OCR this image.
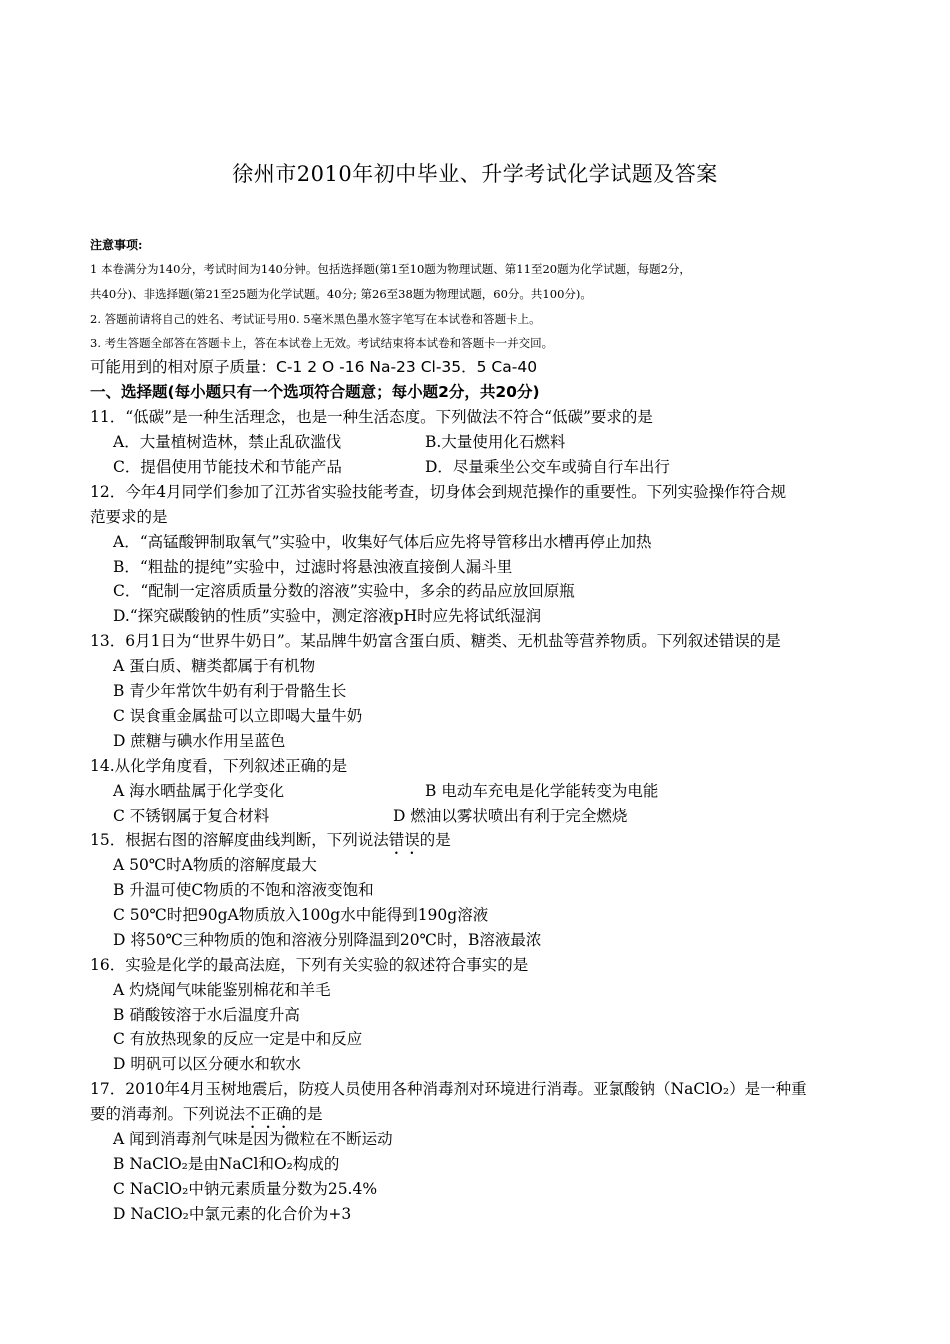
徐州市2010年初中毕业、升学考试化学试题及答案
注意事项:
1 本卷满分为140分，考试时间为140分钟。包括选择题(第1至10题为物理试题、第11至20题为化学试题，每题2分，
共40分)、非选择题(第21至25题为化学试题。40分; 第26至38题为物理试题，60分。共100分)。
2. 答题前请将自己的姓名、考试证号用0. 5毫米黑色墨水签字笔写在本试卷和答题卡上。
3. 考生答题全部答在答题卡上，答在本试卷上无效。考试结束将本试卷和答题卡一并交回。
可能用到的相对原子质量：C-1 2 O -16 Na-23 Cl-35．5 Ca-40
一、选择题(每小题只有一个选项符合题意；每小题2分，共20分)
11．“低碳”是一种生活理念，也是一种生活态度。下列做法不符合“低碳”要求的是
A．大量植树造林，禁止乱砍滥伐	B.大量使用化石燃料
C．提倡使用节能技术和节能产品	D．尽量乘坐公交车或骑自行车出行
12．今年4月同学们参加了江苏省实验技能考查，切身体会到规范操作的重要性。下列实验操作符合规
范要求的是
A．“高锰酸钾制取氧气”实验中，收集好气体后应先将导管移出水槽再停止加热
B．“粗盐的提纯”实验中，过滤时将悬浊液直接倒人漏斗里
C．“配制一定溶质质量分数的溶液”实验中，多余的药品应放回原瓶
D.“探究碳酸钠的性质”实验中，测定溶液pH时应先将试纸湿润
13．6月1日为“世界牛奶日”。某品牌牛奶富含蛋白质、糖类、无机盐等营养物质。下列叙述错误的是
A 蛋白质、糖类都属于有机物
B 青少年常饮牛奶有利于骨骼生长
C 误食重金属盐可以立即喝大量牛奶
D 蔗糖与碘水作用呈蓝色
14.从化学角度看，下列叙述正确的是
A 海水晒盐属于化学变化	B 电动车充电是化学能转变为电能
C 不锈钢属于复合材料	D 燃油以雾状喷出有利于完全燃烧
15．根据右图的溶解度曲线判断，下列说法错误的是
A 50℃时A物质的溶解度最大
B 升温可使C物质的不饱和溶液变饱和
C 50℃时把90gA物质放入100g水中能得到190g溶液
D 将50℃三种物质的饱和溶液分别降温到20℃时，B溶液最浓
16．实验是化学的最高法庭，下列有关实验的叙述符合事实的是
A 灼烧闻气味能鉴别棉花和羊毛
B 硝酸铵溶于水后温度升高
C 有放热现象的反应一定是中和反应
D 明矾可以区分硬水和软水
17．2010年4月玉树地震后，防疫人员使用各种消毒剂对环境进行消毒。亚氯酸钠（NaClO₂）是一种重
要的消毒剂。下列说法不正确的是
A 闻到消毒剂气味是因为微粒在不断运动
B NaClO₂是由NaCl和O₂构成的
C NaClO₂中钠元素质量分数为25.4%
D NaClO₂中氯元素的化合价为+3
